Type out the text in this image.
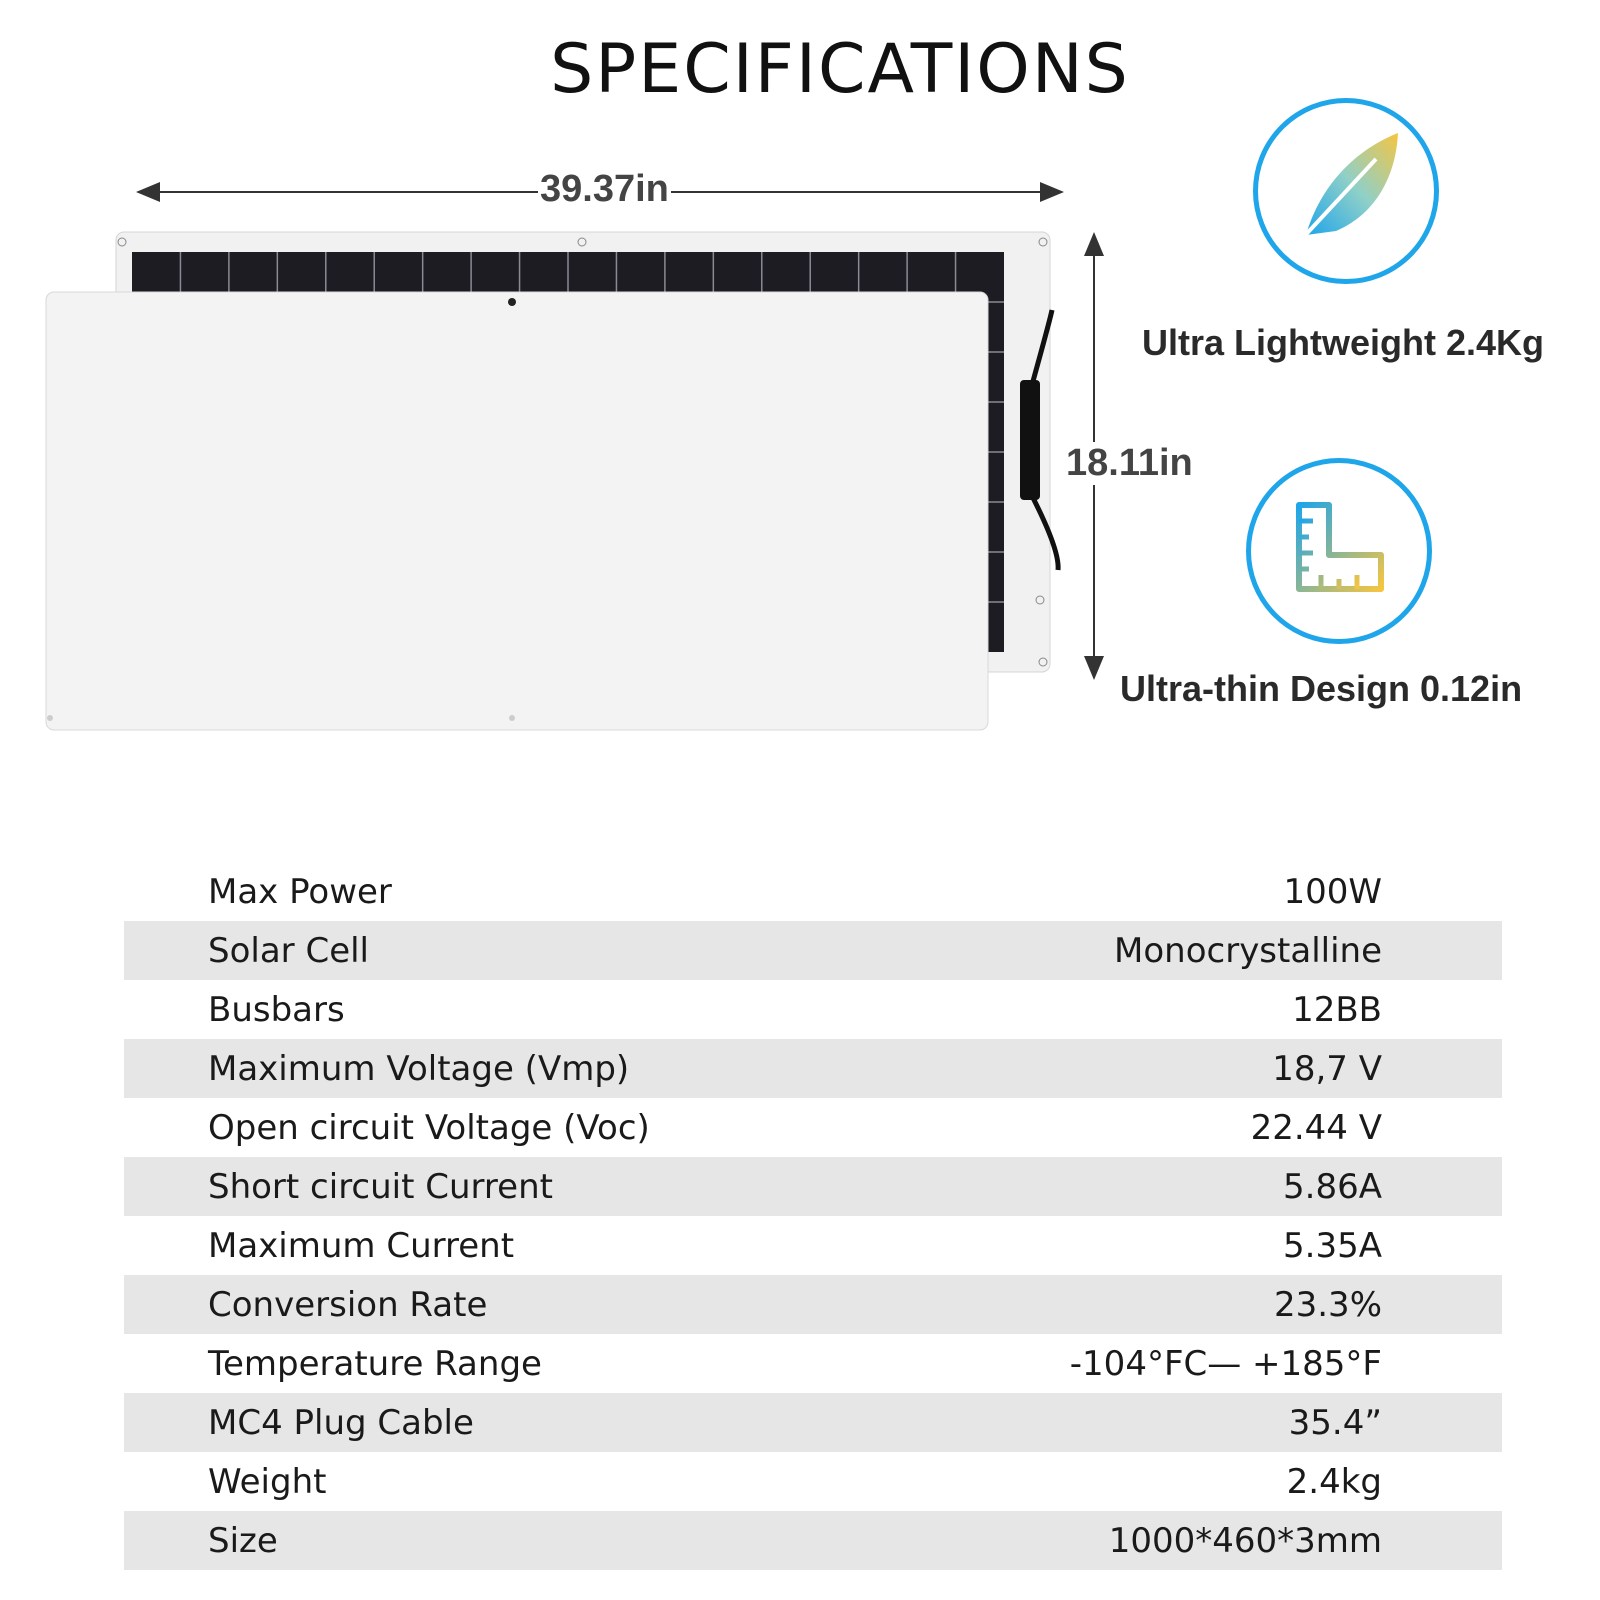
SPECIFICATIONS
39.37in
18.11in
Ultra Lightweight 2.4Kg
Ultra-thin Design 0.12in
Max Power	100W
Solar Cell	Monocrystalline
Busbars	12BB
Maximum Voltage (Vmp)	18,7 V
Open circuit Voltage (Voc)	22.44 V
Short circuit Current	5.86A
Maximum Current	5.35A
Conversion Rate	23.3%
Temperature Range	-104°FC— +185°F
MC4 Plug Cable	35.4”
Weight	2.4kg
Size	1000*460*3mm
